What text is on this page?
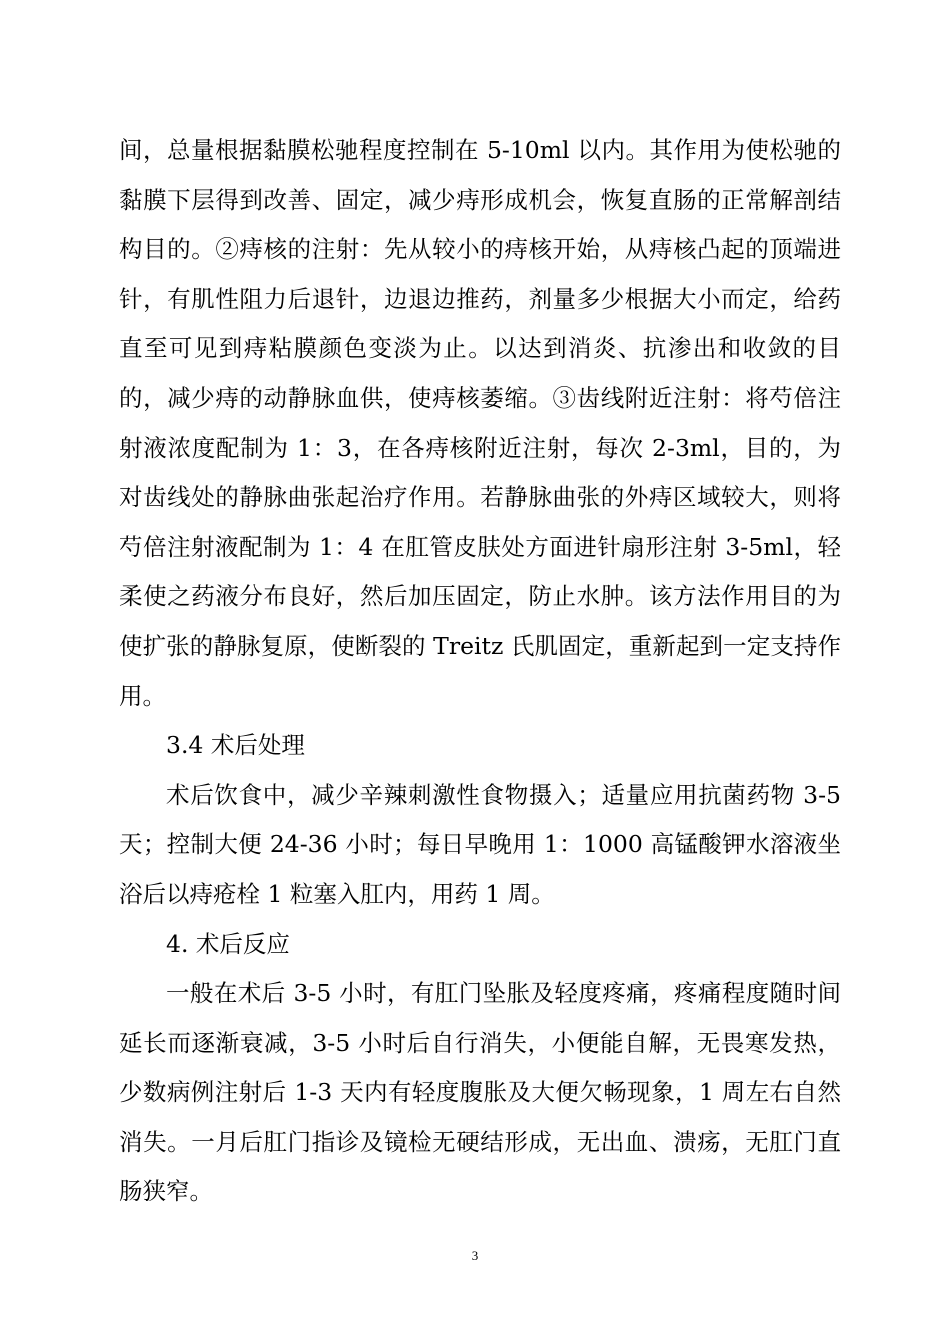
间，总量根据黏膜松驰程度控制在 5-10ml 以内。其作用为使松驰的黏膜下层得到改善、固定，减少痔形成机会，恢复直肠的正常解剖结构目的。②痔核的注射：先从较小的痔核开始，从痔核凸起的顶端进针，有肌性阻力后退针，边退边推药，剂量多少根据大小而定，给药直至可见到痔粘膜颜色变淡为止。以达到消炎、抗渗出和收敛的目的，减少痔的动静脉血供，使痔核萎缩。③齿线附近注射：将芍倍注射液浓度配制为 1：3，在各痔核附近注射，每次 2-3ml，目的，为对齿线处的静脉曲张起治疗作用。若静脉曲张的外痔区域较大，则将芍倍注射液配制为 1：4 在肛管皮肤处方面进针扇形注射 3-5ml，轻柔使之药液分布良好，然后加压固定，防止水肿。该方法作用目的为使扩张的静脉复原，使断裂的 Treitz 氏肌固定，重新起到一定支持作用。

3.4 术后处理

术后饮食中，减少辛辣刺激性食物摄入；适量应用抗菌药物 3-5 天；控制大便 24-36 小时；每日早晚用 1：1000 高锰酸钾水溶液坐浴后以痔疮栓 1 粒塞入肛内，用药 1 周。

4. 术后反应

一般在术后 3-5 小时，有肛门坠胀及轻度疼痛，疼痛程度随时间延长而逐渐衰减，3-5 小时后自行消失，小便能自解，无畏寒发热，少数病例注射后 1-3 天内有轻度腹胀及大便欠畅现象，1 周左右自然消失。一月后肛门指诊及镜检无硬结形成，无出血、溃疡，无肛门直肠狭窄。

3
